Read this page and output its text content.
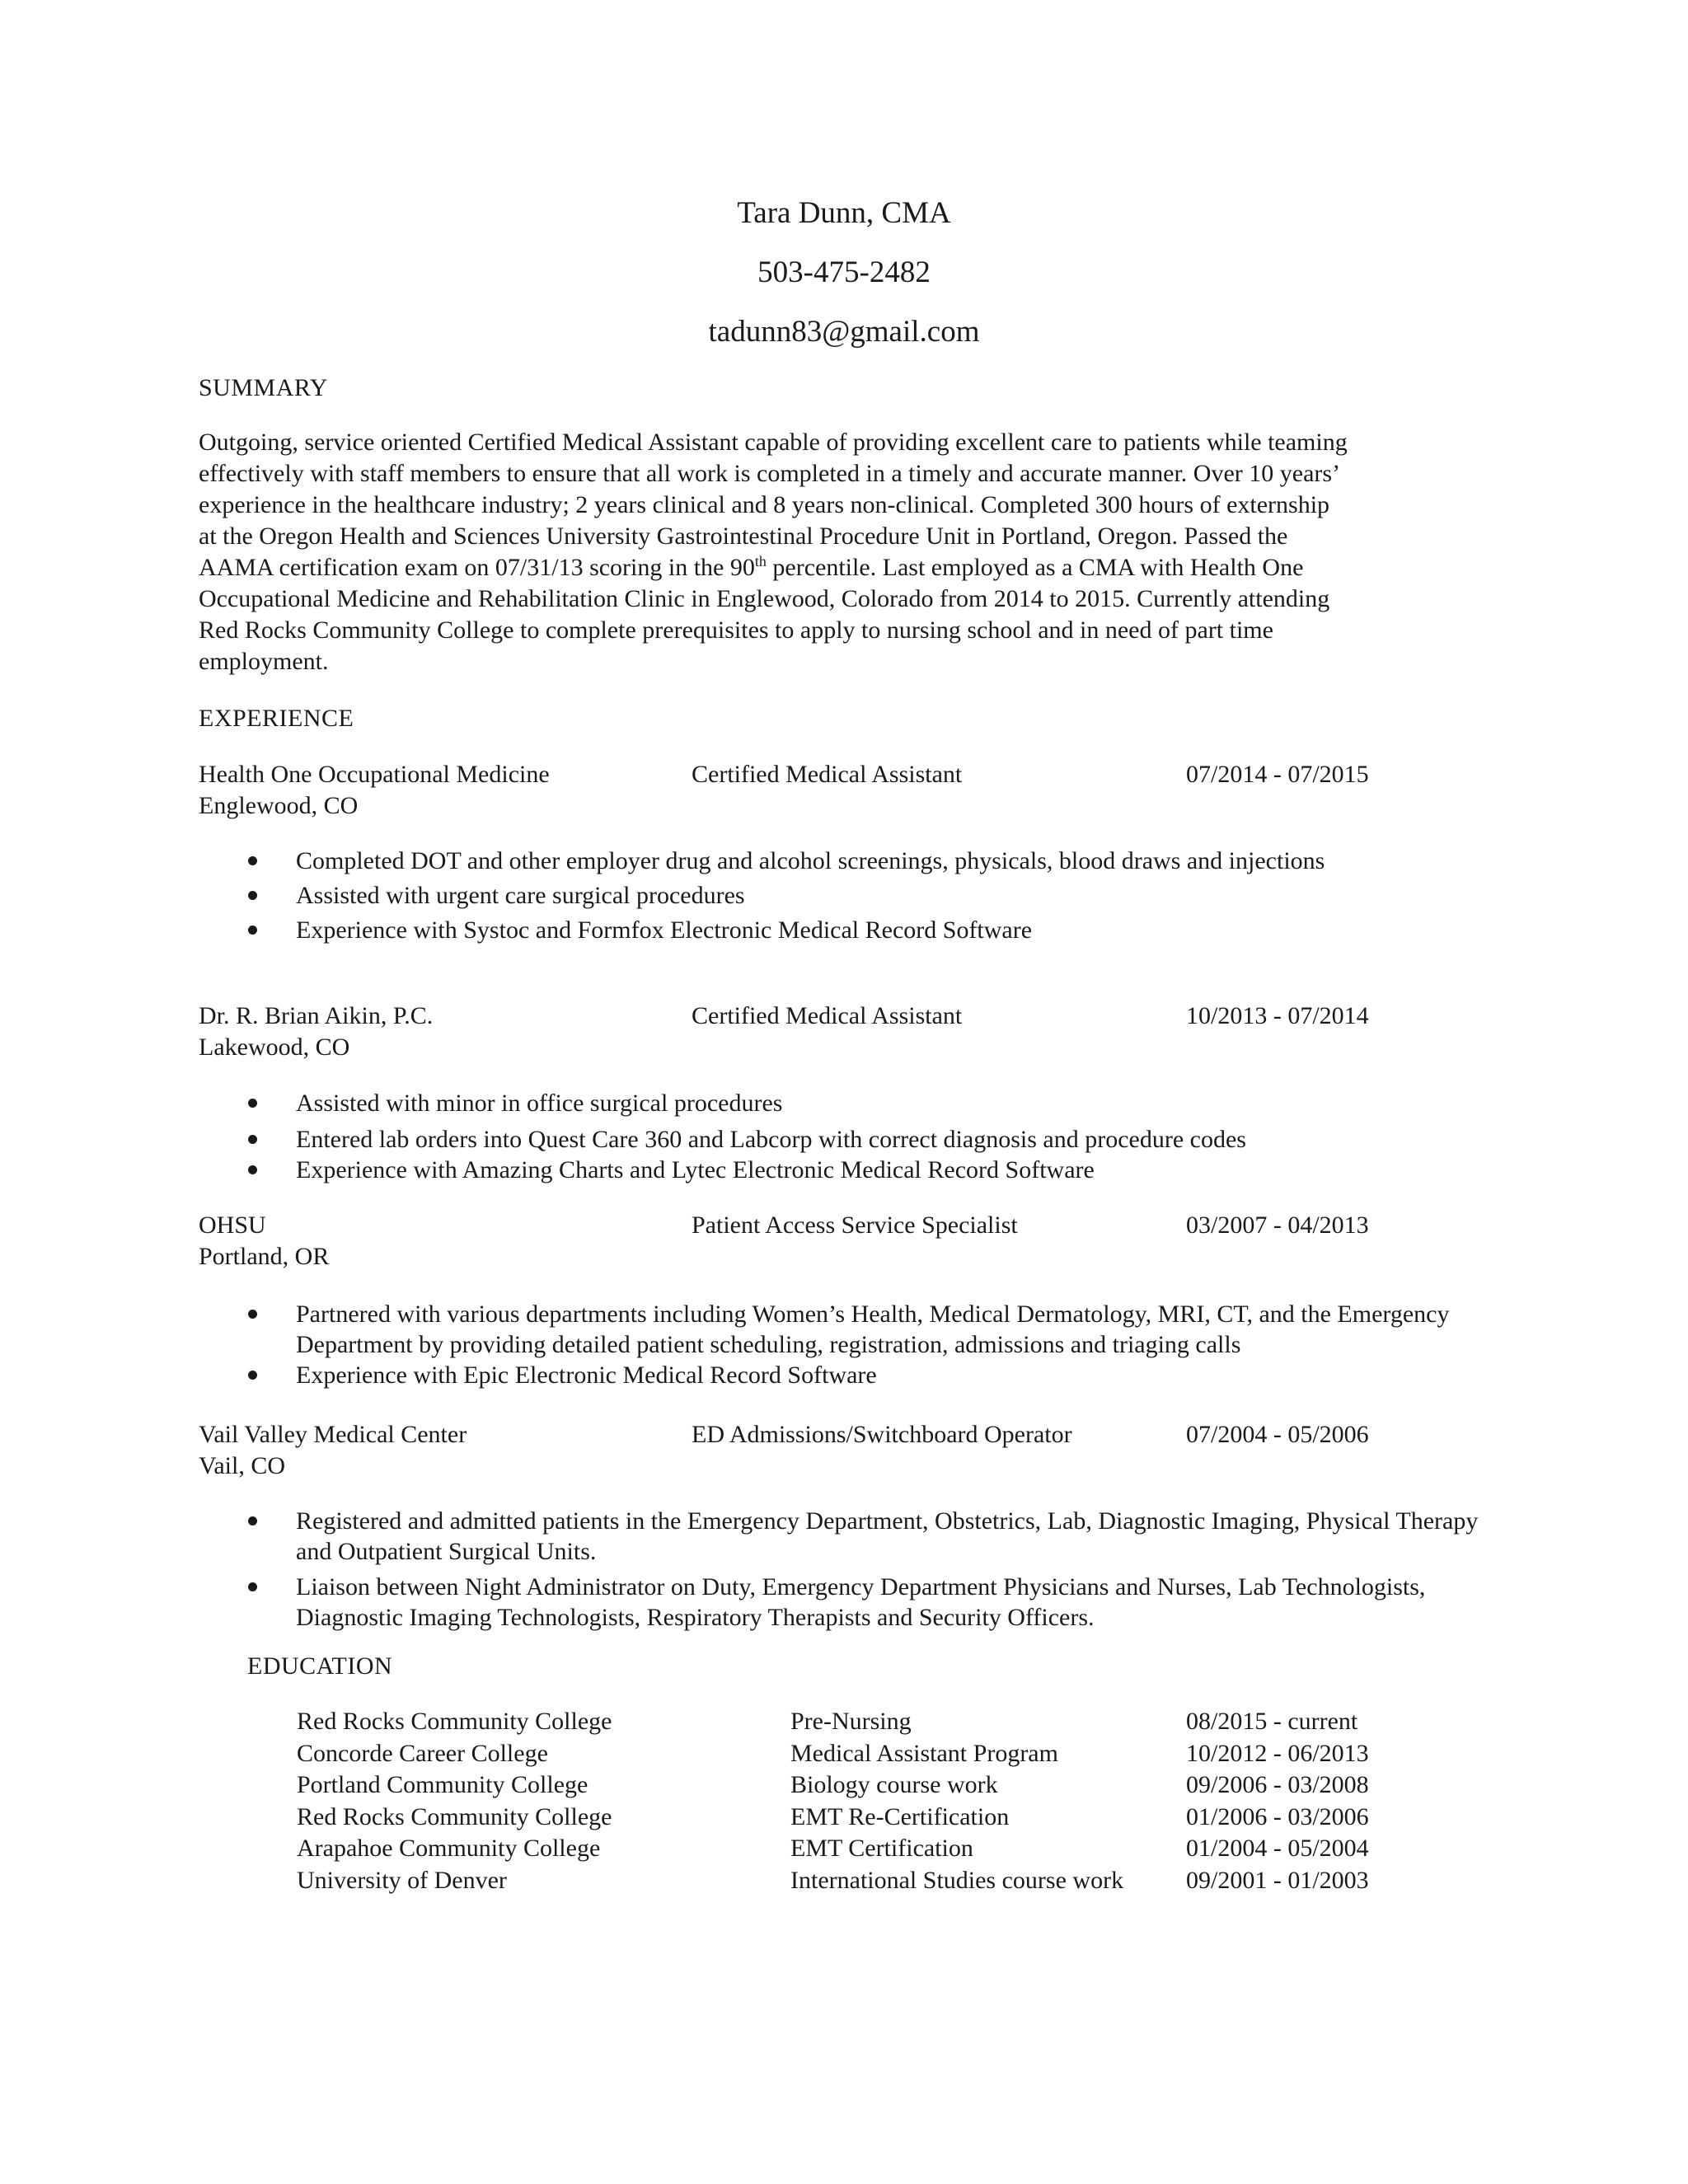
Tara Dunn, CMA
503-475-2482
tadunn83@gmail.com
SUMMARY
Outgoing, service oriented Certified Medical Assistant capable of providing excellent care to patients while teaming
effectively with staff members to ensure that all work is completed in a timely and accurate manner. Over 10 years’
experience in the healthcare industry; 2 years clinical and 8 years non-clinical. Completed 300 hours of externship
at the Oregon Health and Sciences University Gastrointestinal Procedure Unit in Portland, Oregon. Passed the
AAMA certification exam on 07/31/13 scoring in the 90th percentile. Last employed as a CMA with Health One
Occupational Medicine and Rehabilitation Clinic in Englewood, Colorado from 2014 to 2015. Currently attending
Red Rocks Community College to complete prerequisites to apply to nursing school and in need of part time
employment.
EXPERIENCE
Health One Occupational Medicine	Certified Medical Assistant	07/2014 - 07/2015
Englewood, CO
Completed DOT and other employer drug and alcohol screenings, physicals, blood draws and injections
Assisted with urgent care surgical procedures
Experience with Systoc and Formfox Electronic Medical Record Software
Dr. R. Brian Aikin, P.C.	Certified Medical Assistant	10/2013 - 07/2014
Lakewood, CO
Assisted with minor in office surgical procedures
Entered lab orders into Quest Care 360 and Labcorp with correct diagnosis and procedure codes
Experience with Amazing Charts and Lytec Electronic Medical Record Software
OHSU	Patient Access Service Specialist	03/2007 - 04/2013
Portland, OR
Partnered with various departments including Women’s Health, Medical Dermatology, MRI, CT, and the Emergency Department by providing detailed patient scheduling, registration, admissions and triaging calls
Experience with Epic Electronic Medical Record Software
Vail Valley Medical Center	ED Admissions/Switchboard Operator	07/2004 - 05/2006
Vail, CO
Registered and admitted patients in the Emergency Department, Obstetrics, Lab, Diagnostic Imaging, Physical Therapy and Outpatient Surgical Units.
Liaison between Night Administrator on Duty, Emergency Department Physicians and Nurses, Lab Technologists, Diagnostic Imaging Technologists, Respiratory Therapists and Security Officers.
EDUCATION
Red Rocks Community College	Pre-Nursing	08/2015 - current
Concorde Career College	Medical Assistant Program	10/2012 - 06/2013
Portland Community College	Biology course work	09/2006 - 03/2008
Red Rocks Community College	EMT Re-Certification	01/2006 - 03/2006
Arapahoe Community College	EMT Certification	01/2004 - 05/2004
University of Denver	International Studies course work	09/2001 - 01/2003
